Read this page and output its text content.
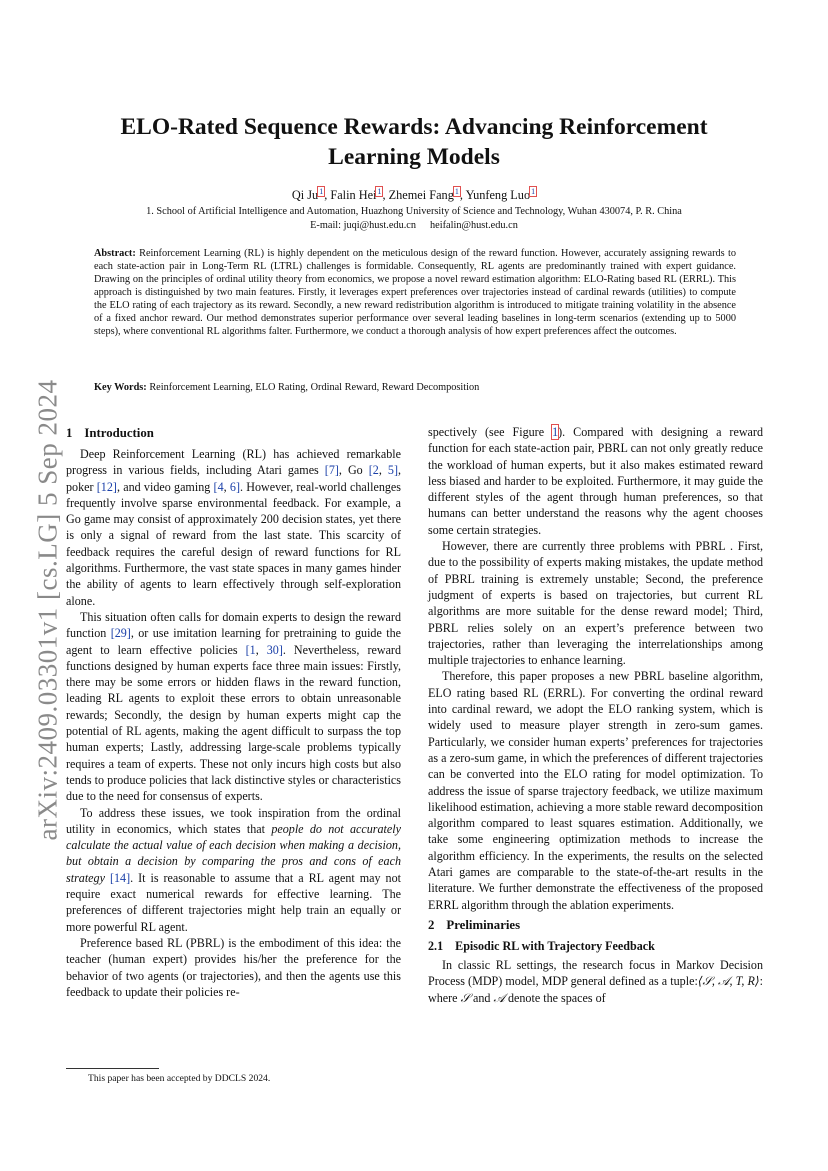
arXiv:2409.03301v1 [cs.LG] 5 Sep 2024
ELO-Rated Sequence Rewards: Advancing Reinforcement
Learning Models
Qi Ju$^1$, Falin Hei$^1$, Zhemei Fang$^1$, Yunfeng Luo$^1$
1. School of Artificial Intelligence and Automation, Huazhong University of Science and Technology, Wuhan 430074, P. R. China
E-mail: juqi@hust.edu.cn heifalin@hust.edu.cn
Abstract: Reinforcement Learning (RL) is highly dependent on the meticulous design of the reward function. However, accurately assigning rewards to each state-action pair in Long-Term RL (LTRL) challenges is formidable. Consequently, RL agents are predominantly trained with expert guidance. Drawing on the principles of ordinal utility theory from economics, we propose a novel reward estimation algorithm: ELO-Rating based RL (ERRL). This approach is distinguished by two main features. Firstly, it leverages expert preferences over trajectories instead of cardinal rewards (utilities) to compute the ELO rating of each trajectory as its reward. Secondly, a new reward redistribution algorithm is introduced to mitigate training volatility in the absence of a fixed anchor reward. Our method demonstrates superior performance over several leading baselines in long-term scenarios (extending up to 5000 steps), where conventional RL algorithms falter. Furthermore, we conduct a thorough analysis of how expert preferences affect the outcomes.
Key Words: Reinforcement Learning, ELO Rating, Ordinal Reward, Reward Decomposition
1 Introduction

Deep Reinforcement Learning (RL) has achieved remarkable progress in various fields, including Atari games [7], Go [2, 5], poker [12], and video gaming [4, 6]. However, real-world challenges frequently involve sparse environmental feedback. For example, a Go game may consist of approximately 200 decision states, yet there is only a signal of reward from the last state. This scarcity of feedback requires the careful design of reward functions for RL algorithms. Furthermore, the vast state spaces in many games hinder the ability of agents to learn effectively through self-exploration alone.

This situation often calls for domain experts to design the reward function [29], or use imitation learning for pretraining to guide the agent to learn effective policies [1, 30]. Nevertheless, reward functions designed by human experts face three main issues: Firstly, there may be some errors or hidden flaws in the reward function, leading RL agents to exploit these errors to obtain unreasonable rewards; Secondly, the design by human experts might cap the potential of RL agents, making the agent difficult to surpass the top human experts; Lastly, addressing large-scale problems typically requires a team of experts. These not only incurs high costs but also tends to produce policies that lack distinctive styles or characteristics due to the need for consensus of experts.

To address these issues, we took inspiration from the ordinal utility in economics, which states that people do not accurately calculate the actual value of each decision when making a decision, but obtain a decision by comparing the pros and cons of each strategy [14]. It is reasonable to assume that a RL agent may not require exact numerical rewards for effective learning. The preferences of different trajectories might help train an equally or more powerful RL agent.

Preference based RL (PBRL) is the embodiment of this idea: the teacher (human expert) provides his/her the preference for the behavior of two agents (or trajectories), and then the agents use this feedback to update their policies re-

spectively (see Figure 1). Compared with designing a reward function for each state-action pair, PBRL can not only greatly reduce the workload of human experts, but it also makes estimated reward less biased and harder to be exploited. Furthermore, it may guide the different styles of the agent through human preferences, so that humans can better understand the reasons why the agent chooses some certain strategies.

However, there are currently three problems with PBRL . First, due to the possibility of experts making mistakes, the update method of PBRL training is extremely unstable; Second, the preference judgment of experts is based on trajectories, but current RL algorithms are more suitable for the dense reward model; Third, PBRL relies solely on an expert’s preference between two trajectories, rather than leveraging the interrelationships among multiple trajectories to enhance learning.

Therefore, this paper proposes a new PBRL baseline algorithm, ELO rating based RL (ERRL). For converting the ordinal reward into cardinal reward, we adopt the ELO ranking system, which is widely used to measure player strength in zero-sum games. Particularly, we consider human experts’ preferences for trajectories as a zero-sum game, in which the preferences of different trajectories can be converted into the ELO rating for model optimization. To address the issue of sparse trajectory feedback, we utilize maximum likelihood estimation, achieving a more stable reward decomposition algorithm compared to least squares estimation. Additionally, we take some engineering optimization methods to increase the algorithm efficiency. In the experiments, the results on the selected Atari games are comparable to the state-of-the-art results in the literature. We further demonstrate the effectiveness of the proposed ERRL algorithm through the ablation experiments.

2 Preliminaries
2.1 Episodic RL with Trajectory Feedback

In classic RL settings, the research focus in Markov Decision Process (MDP) model, MDP general defined as a tuple:⟨𝒮, 𝒜, T, R⟩: where 𝒮 and 𝒜 denote the spaces of

This paper has been accepted by DDCLS 2024.
